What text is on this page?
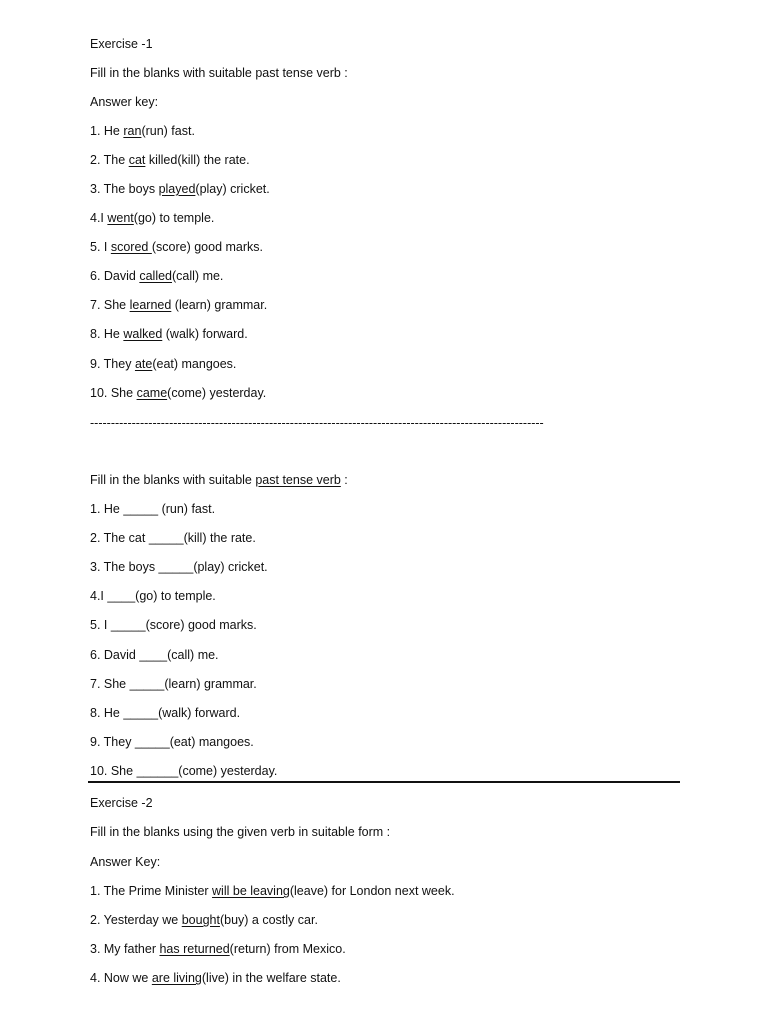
Exercise -1
Fill in the blanks with suitable past tense verb :
Answer key:
1. He ran(run) fast.
2. The cat killed(kill) the rate.
3. The boys played(play) cricket.
4.I went(go) to temple.
5. I scored (score) good marks.
6. David called(call) me.
7. She learned (learn) grammar.
8. He walked (walk) forward.
9. They ate(eat) mangoes.
10. She came(come) yesterday.
-------------------------------------------------------------------------------------------------------------
Fill in the blanks with suitable past tense verb :
1. He _____ (run) fast.
2. The cat _____(kill) the rate.
3. The boys _____(play) cricket.
4.I ____(go) to temple.
5. I _____(score) good marks.
6. David ____(call) me.
7. She _____(learn) grammar.
8. He _____(walk) forward.
9. They _____(eat) mangoes.
10. She ______(come) yesterday.
Exercise -2
Fill in the blanks using the given verb in suitable form :
Answer Key:
1. The Prime Minister will be leaving(leave) for London next week.
2. Yesterday we bought(buy) a costly car.
3. My father has returned(return) from Mexico.
4. Now we are living(live) in the welfare state.
